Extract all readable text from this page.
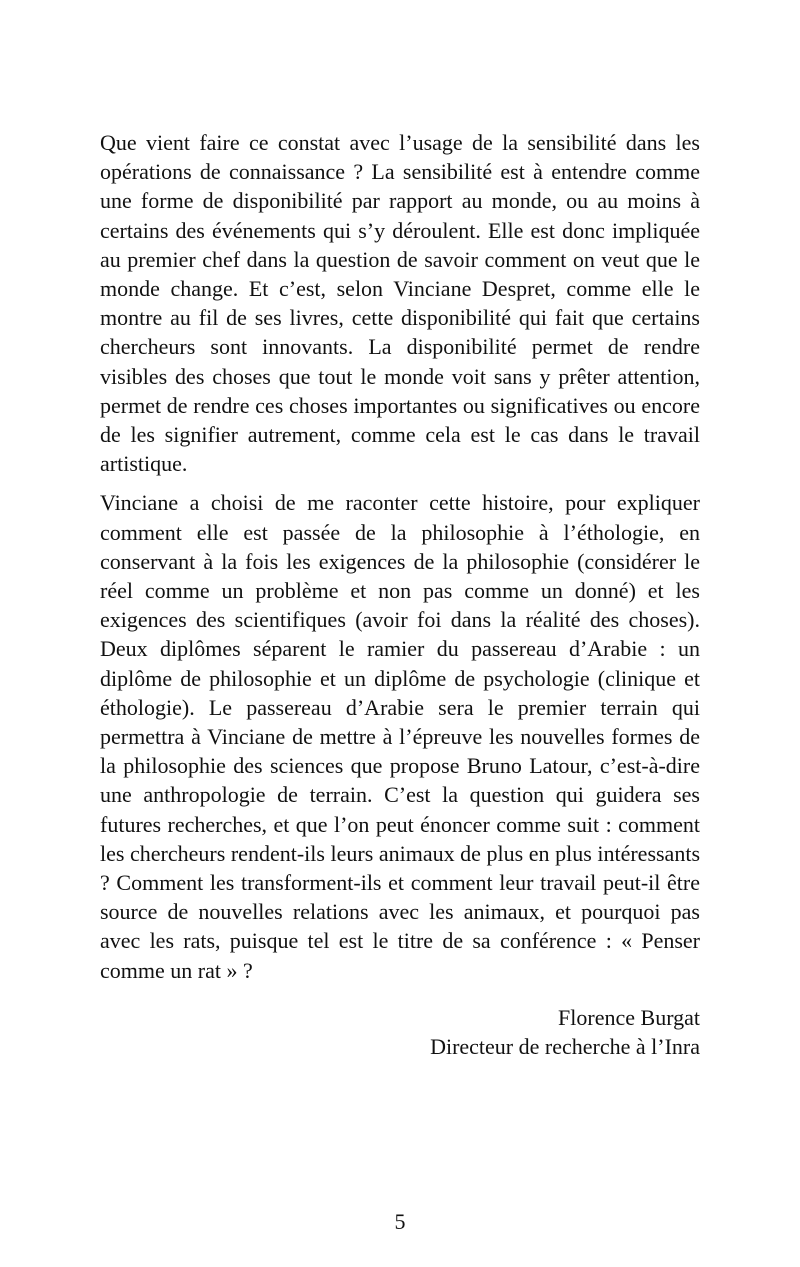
Que vient faire ce constat avec l’usage de la sensibilité dans les opérations de connaissance ? La sensibilité est à entendre comme une forme de disponibilité par rapport au monde, ou au moins à certains des événements qui s’y déroulent. Elle est donc impliquée au premier chef dans la question de savoir comment on veut que le monde change. Et c’est, selon Vinciane Despret, comme elle le montre au fil de ses livres, cette disponibilité qui fait que certains chercheurs sont innovants. La disponibilité permet de rendre visibles des choses que tout le monde voit sans y prêter attention, permet de rendre ces choses importantes ou significatives ou encore de les signifier autrement, comme cela est le cas dans le travail artistique.

Vinciane a choisi de me raconter cette histoire, pour expliquer comment elle est passée de la philosophie à l’éthologie, en conservant à la fois les exigences de la philosophie (considérer le réel comme un problème et non pas comme un donné) et les exigences des scientifiques (avoir foi dans la réalité des choses). Deux diplômes séparent le ramier du passereau d’Arabie : un diplôme de philosophie et un diplôme de psychologie (clinique et éthologie). Le passereau d’Arabie sera le premier terrain qui permettra à Vinciane de mettre à l’épreuve les nouvelles formes de la philosophie des sciences que propose Bruno Latour, c’est-à-dire une anthropologie de terrain. C’est la question qui guidera ses futures recherches, et que l’on peut énoncer comme suit : comment les chercheurs rendent-ils leurs animaux de plus en plus intéressants ? Comment les transforment-ils et comment leur travail peut-il être source de nouvelles relations avec les animaux, et pourquoi pas avec les rats, puisque tel est le titre de sa conférence : « Penser comme un rat » ?

Florence Burgat
Directeur de recherche à l’Inra
5
